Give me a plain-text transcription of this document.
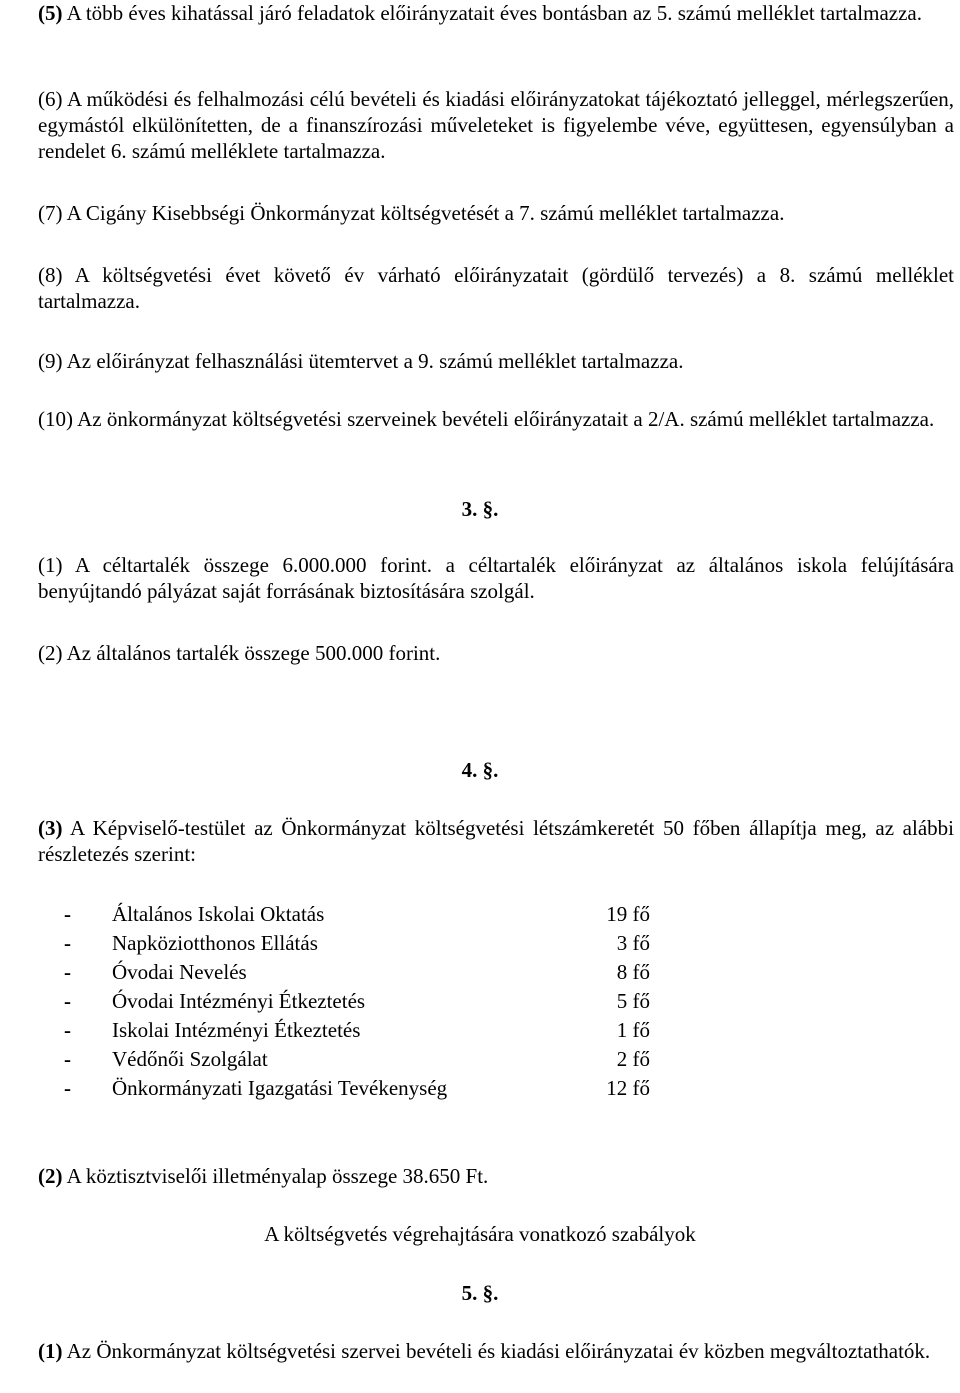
(5) A több éves kihatással járó feladatok előirányzatait éves bontásban az 5. számú melléklet tartalmazza.
(6) A működési és felhalmozási célú bevételi és kiadási előirányzatokat tájékoztató jelleggel, mérlegszerűen, egymástól elkülönítetten, de a finanszírozási műveleteket is figyelembe véve, együttesen, egyensúlyban a rendelet 6. számú melléklete tartalmazza.
(7) A Cigány Kisebbségi Önkormányzat költségvetését a 7. számú melléklet tartalmazza.
(8) A költségvetési évet követő év várható előirányzatait (gördülő tervezés) a 8. számú melléklet tartalmazza.
(9) Az előirányzat felhasználási ütemtervet a 9. számú melléklet tartalmazza.
(10) Az önkormányzat költségvetési szerveinek bevételi előirányzatait a 2/A. számú melléklet tartalmazza.
3. §.
(1) A céltartalék összege 6.000.000 forint. a céltartalék előirányzat az általános iskola felújítására benyújtandó pályázat saját forrásának biztosítására szolgál.
(2) Az általános tartalék összege 500.000 forint.
4. §.
(3) A Képviselő-testület az Önkormányzat költségvetési létszámkeretét 50 főben állapítja meg, az alábbi részletezés szerint:
- Általános Iskolai Oktatás	19 fő
- Napköziotthonos Ellátás	3 fő
- Óvodai Nevelés	8 fő
- Óvodai Intézményi Étkeztetés	5 fő
- Iskolai Intézményi Étkeztetés	1 fő
- Védőnői Szolgálat	2 fő
- Önkormányzati Igazgatási Tevékenység	12 fő
(2) A köztisztviselői illetményalap összege 38.650 Ft.
A költségvetés végrehajtására vonatkozó szabályok
5. §.
(1) Az Önkormányzat költségvetési szervei bevételi és kiadási előirányzatai év közben megváltoztathatók.
